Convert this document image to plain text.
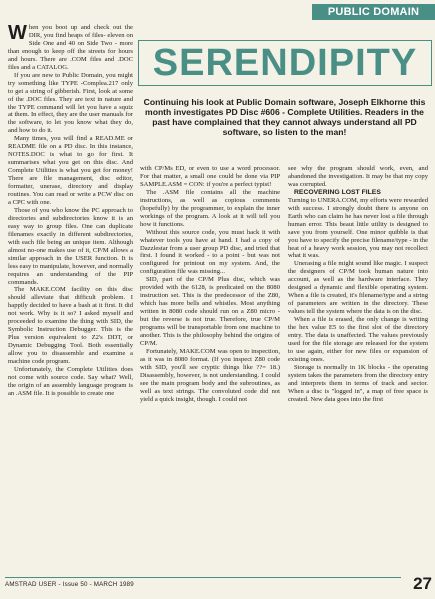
PUBLIC DOMAIN

When you boot up and check out the DIR, you find heaps of files- eleven on Side One and 40 on Side Two - more than enough to keep off the streets for hours and hours. There are .COM files and .DOC files and a CATALOG.

If you are new to Public Domain, you might try something like TYPE -Complea.217 only to get a string of gibberish. First, look at some of the .DOC files. They are text in nature and the TYPE command will let you have a squiz at them. In effect, they are the user manuals for the software, to let you know what they do, and how to do it.

Many times, you will find a READ.ME or README file on a PD disc. In this instance, NOTES.DOC is what to go for first. It summarises what you get on this disc. And Complete Utilities is what you get for money! There are file management, disc editor, formatter, unerase, directory and display routines. You can read or write a PCW disc on a CPC with one.

Those of you who know the PC approach to directories and subdirectories know it is an easy way to group files. One can duplicate filenames exactly in different subdirectories, with each file being an unique item. Although almost no-one makes use of it, CP/M allows a similar approach in the USER function. It is less easy to manipulate, however, and normally requires an understanding of the PIP commands.

The MAKE.COM facility on this disc should alleviate that difficult problem. I happily decided to have a bash at it first. It did not work. Why is it so? I asked myself and proceeded to examine the thing with SID, the Symbolic Instruction Debugger. This is the Plus version equivalent to Z2's DDT, or Dynamic Debugging Tool. Both essentially allow you to disassemble and examine a machine code program.

Unfortunately, the Complete Utilities does not come with source code. Say what? Well, the origin of an assembly language program is an .ASM file. It is possible to create one

SERENDIPITY
Continuing his look at Public Domain software, Joseph Elkhorne this month investigates PD Disc #606 - Complete Utilities. Readers in the past have complained that they cannot always understand all PD software, so listen to the man!

with CP/Ms ED, or even to use a word processor. For that matter, a small one could be done via PIP SAMPLE.ASM = CON: if you're a perfect typist!

The .ASM file contains all the machine instructions, as well as copious comments (hopefully) by the programmer, to explain the inner workings of the program. A look at it will tell you how it functions.

Without this source code, you must hack it with whatever tools you have at hand. I had a copy of Dazzlestar from a user group PD disc, and tried that first. I found it worked - to a point - but was not configured for printout on my system. And, the configuration file was missing...

SID, part of the CP/M Plus disc, which was provided with the 6128, is predicated on the 8080 instruction set. This is the predecessor of the Z80, which has more bells and whistles. Most anything written in 8080 code should run on a Z80 micro - but the reverse is not true. Therefore, true CP/M programs will be transportable from one machine to another. This is the philosophy behind the origins of CP/M.

Fortunately, MAKE.COM was open to inspection, as it was in 8080 format. (If you inspect Z80 code with SID, you'll see cryptic things like ??= 18.) Disassembly, however, is not understanding. I could see the main program body and the subroutines, as well as text strings. The convoluted code did not yield a quick insight, though. I could not

see why the program should work, even, and abandoned the investigation. It may be that my copy was corrupted.

RECOVERING LOST FILES

Turning to UNERA.COM, my efforts were rewarded with success. I strongly doubt there is anyone on Earth who can claim he has never lost a file through human error. This beaut little utility is designed to save you from yourself. One minor quibble is that you have to specify the precise filename/type - in the heat of a heavy work session, you may not recollect what it was.

Unerasing a file might sound like magic. I suspect the designers of CP/M took human nature into account, as well as the hardware interface. They designed a dynamic and flexible operating system. When a file is created, it's filename/type and a string of parameters are written in the directory. These values tell the system where the data is on the disc.

When a file is erased, the only change is writing the hex value E5 to the first slot of the directory entry. The data is unaffected. The values previously used for the file storage are released for the system to use again, either for new files or expansion of existing ones.

Storage is normally in 1K blocks - the operating system takes the parameters from the directory entry and interprets them in terms of track and sector. When a disc is "logged in", a map of free space is created. New data goes into the first

AMSTRAD USER - Issue 50 - MARCH 1989	27
